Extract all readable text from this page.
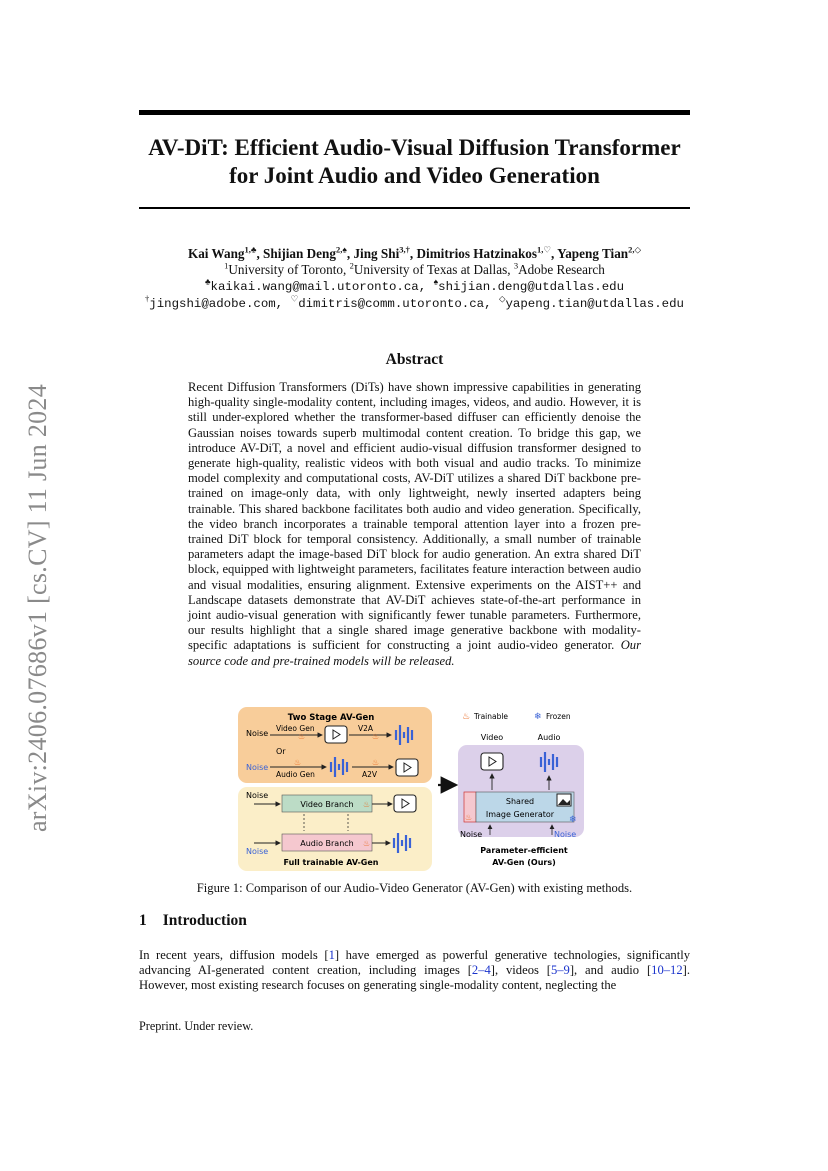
arXiv:2406.07686v1 [cs.CV] 11 Jun 2024
AV-DiT: Efficient Audio-Visual Diffusion Transformer
for Joint Audio and Video Generation
Kai Wang$^{1,♣}$, Shijian Deng$^{2,♠}$, Jing Shi$^{3,\dagger}$, Dimitrios Hatzinakos$^{1,♡}$, Yapeng Tian$^{2,◇}$
$^1$University of Toronto, $^2$University of Texas at Dallas, $^3$Adobe Research
♣kaikai.wang@mail.utoronto.ca, ♠shijian.deng@utdallas.edu
†jingshi@adobe.com, ♡dimitris@comm.utoronto.ca, ◇yapeng.tian@utdallas.edu
Abstract
Recent Diffusion Transformers (DiTs) have shown impressive capabilities in generating high-quality single-modality content, including images, videos, and audio. However, it is still under-explored whether the transformer-based diffuser can efficiently denoise the Gaussian noises towards superb multimodal content creation. To bridge this gap, we introduce AV-DiT, a novel and efficient audio-visual diffusion transformer designed to generate high-quality, realistic videos with both visual and audio tracks. To minimize model complexity and computational costs, AV-DiT utilizes a shared DiT backbone pre-trained on image-only data, with only lightweight, newly inserted adapters being trainable. This shared backbone facilitates both audio and video generation. Specifically, the video branch incorporates a trainable temporal attention layer into a frozen pre-trained DiT block for temporal consistency. Additionally, a small number of trainable parameters adapt the image-based DiT block for audio generation. An extra shared DiT block, equipped with lightweight parameters, facilitates feature interaction between audio and visual modalities, ensuring alignment. Extensive experiments on the AIST++ and Landscape datasets demonstrate that AV-DiT achieves state-of-the-art performance in joint audio-visual generation with significantly fewer tunable parameters. Furthermore, our results highlight that a single shared image generative backbone with modality-specific adaptations is sufficient for constructing a joint audio-video generator. Our source code and pre-trained models will be released.
Two Stage AV-Gen
Noise
Video Gen
♨
V2A
♨
Or
Noise
♨
Audio Gen
♨
A2V
Noise
Video Branch ♨
Audio Branch ♨
Noise
Full trainable AV-Gen
♨ Trainable	❄ Frozen
Video	Audio
♨
Shared
Image Generator
❄
Noise	Noise
Parameter-efficient
AV-Gen (Ours)
Figure 1: Comparison of our Audio-Video Generator (AV-Gen) with existing methods.
1 Introduction
In recent years, diffusion models [1] have emerged as powerful generative technologies, significantly advancing AI-generated content creation, including images [2–4], videos [5–9], and audio [10–12]. However, most existing research focuses on generating single-modality content, neglecting the
Preprint. Under review.
